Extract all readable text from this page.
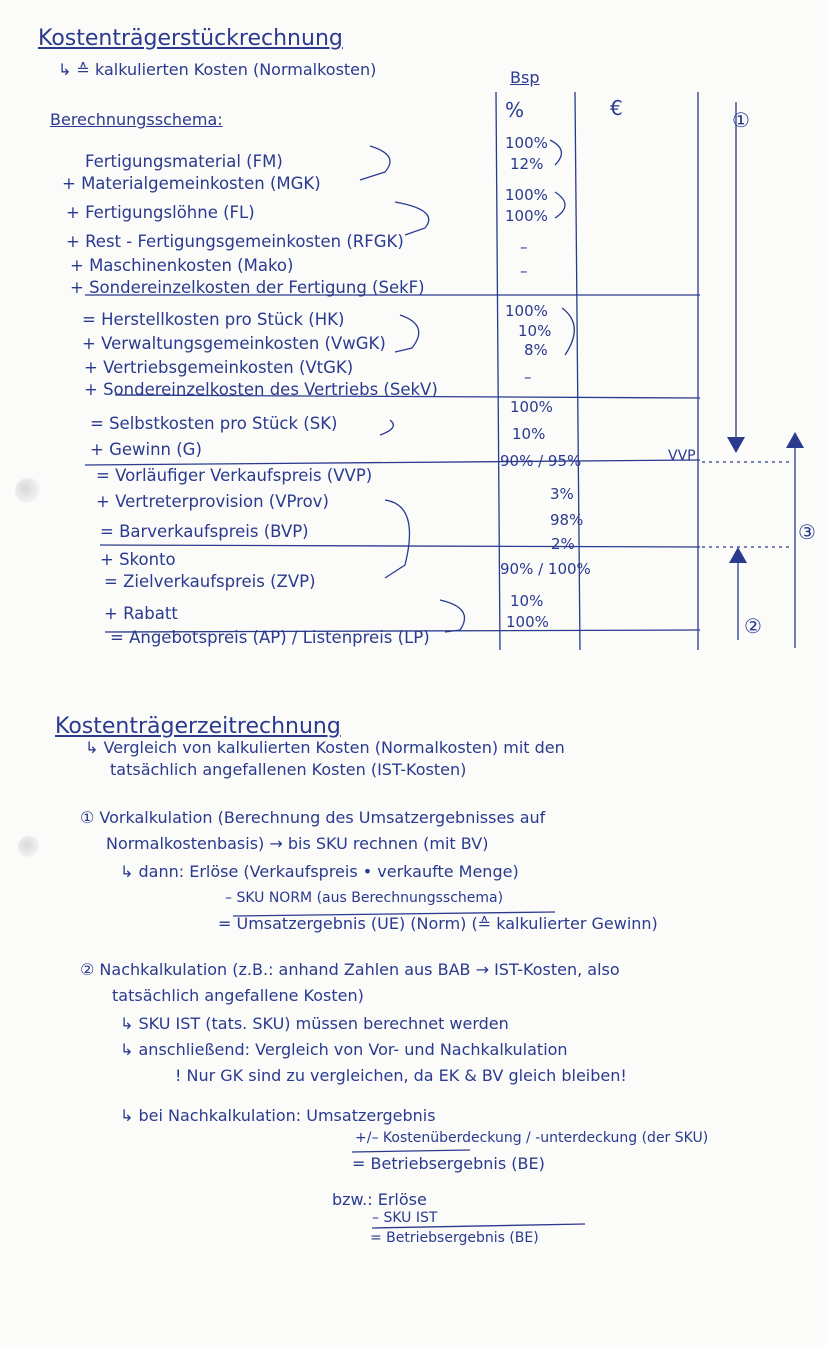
Kostenträgerstückrechnung
↳ ≙ kalkulierten Kosten (Normalkosten)
Berechnungsschema:
Bsp
%	€	①
Fertigungsmaterial (FM)
+ Materialgemeinkosten (MGK)
+ Fertigungslöhne (FL)
+ Rest - Fertigungsgemeinkosten (RFGK)
+ Maschinenkosten (Mako)
+ Sondereinzelkosten der Fertigung (SekF)
= Herstellkosten pro Stück (HK)
+ Verwaltungsgemeinkosten (VwGK)
+ Vertriebsgemeinkosten (VtGK)
+ Sondereinzelkosten des Vertriebs (SekV)
= Selbstkosten pro Stück (SK)
+ Gewinn (G)
= Vorläufiger Verkaufspreis (VVP)
+ Vertreterprovision (VProv)
= Barverkaufspreis (BVP)
+ Skonto
= Zielverkaufspreis (ZVP)
+ Rabatt
= Angebotspreis (AP) / Listenpreis (LP)
100%
12%
100%
100%
–
–
100%
10%
8%
–
100%
10%
90% / 95%
3%
98%
2%
90% / 100%
10%
100%
VVP
③
②
Kostenträgerzeitrechnung
↳ Vergleich von kalkulierten Kosten (Normalkosten) mit den
tatsächlich angefallenen Kosten (IST-Kosten)
① Vorkalkulation (Berechnung des Umsatzergebnisses auf
Normalkostenbasis) → bis SKU rechnen (mit BV)
↳ dann: Erlöse (Verkaufspreis • verkaufte Menge)
– SKU NORM (aus Berechnungsschema)
= Umsatzergebnis (UE) (Norm) (≙ kalkulierter Gewinn)
② Nachkalkulation (z.B.: anhand Zahlen aus BAB → IST-Kosten, also
tatsächlich angefallene Kosten)
↳ SKU IST (tats. SKU) müssen berechnet werden
↳ anschließend: Vergleich von Vor- und Nachkalkulation
! Nur GK sind zu vergleichen, da EK & BV gleich bleiben!
↳ bei Nachkalkulation: Umsatzergebnis
+/– Kostenüberdeckung / -unterdeckung (der SKU)
= Betriebsergebnis (BE)
bzw.: Erlöse
– SKU IST
= Betriebsergebnis (BE)
